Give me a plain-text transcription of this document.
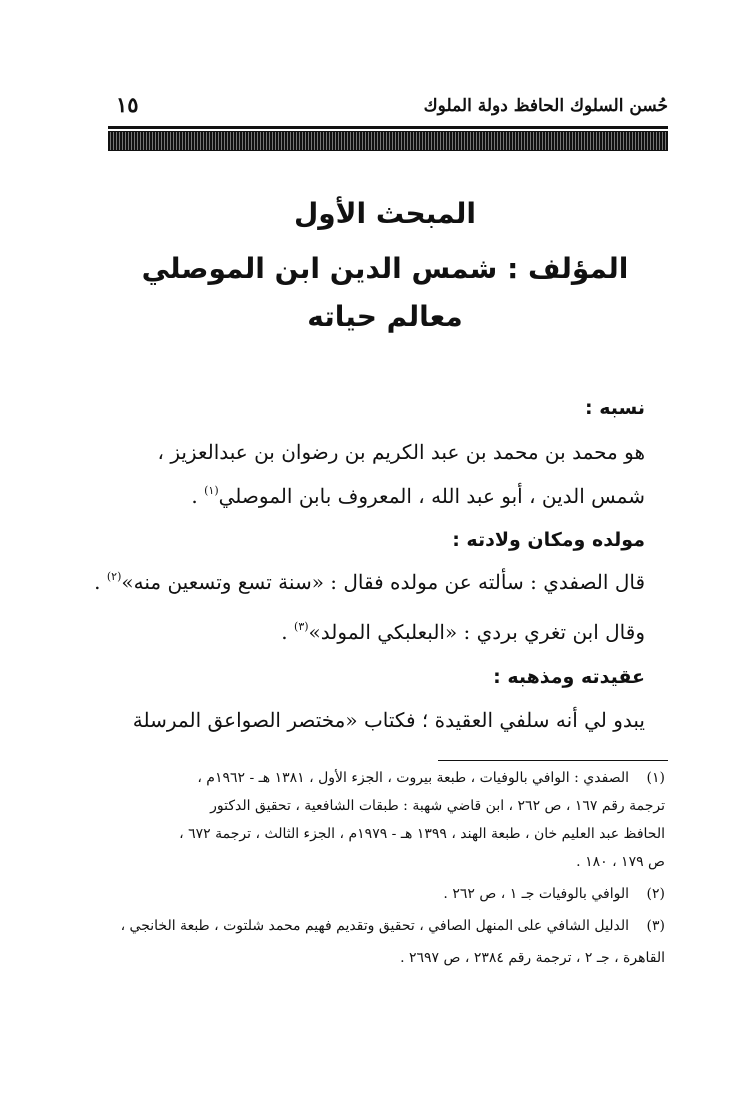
حُسن السلوك الحافظ دولة الملوك
١٥
المبحث الأول
المؤلف : شمس الدين ابن الموصلي
معالم حياته
نسبه :
هو محمد بن محمد بن عبد الكريم بن رضوان بن عبدالعزيز ،
شمس الدين ، أبو عبد الله ، المعروف بابن الموصلي$^{(١)}$ .
مولده ومكان ولادته :
قال الصفدي : سألته عن مولده فقال : «سنة تسع وتسعين منه»$^{(٢)}$ .
وقال ابن تغري بردي : «البعلبكي المولد»$^{(٣)}$ .
عقيدته ومذهبه :
يبدو لي أنه سلفي العقيدة ؛ فكتاب «مختصر الصواعق المرسلة
(١)الصفدي : الوافي بالوفيات ، طبعة بيروت ، الجزء الأول ، ١٣٨١ هـ - ١٩٦٢م ،
ترجمة رقم ١٦٧ ، ص ٢٦٢ ، ابن قاضي شهبة : طبقات الشافعية ، تحقيق الدكتور
الحافظ عبد العليم خان ، طبعة الهند ، ١٣٩٩ هـ - ١٩٧٩م ، الجزء الثالث ، ترجمة ٦٧٢ ،
ص ١٧٩ ، ١٨٠ .
(٢)الوافي بالوفيات جـ ١ ، ص ٢٦٢ .
(٣)الدليل الشافي على المنهل الصافي ، تحقيق وتقديم فهيم محمد شلتوت ، طبعة الخانجي ،
القاهرة ، جـ ٢ ، ترجمة رقم ٢٣٨٤ ، ص ٢٦٩٧ .
